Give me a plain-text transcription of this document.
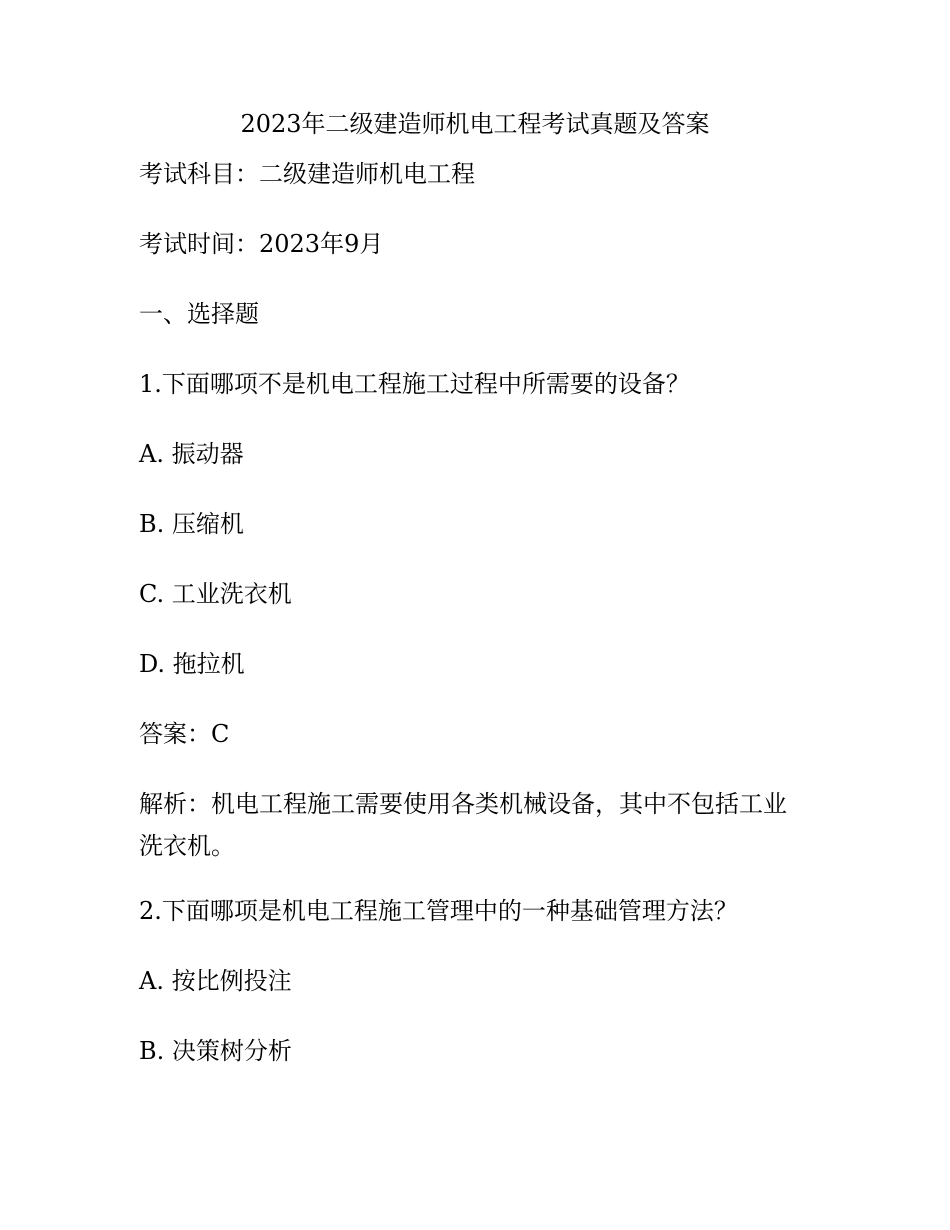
2023年二级建造师机电工程考试真题及答案
考试科目：二级建造师机电工程
考试时间：2023年9月
一、选择题
1.下面哪项不是机电工程施工过程中所需要的设备？
A. 振动器
B. 压缩机
C. 工业洗衣机
D. 拖拉机
答案：C
解析：机电工程施工需要使用各类机械设备，其中不包括工业
洗衣机。
2.下面哪项是机电工程施工管理中的一种基础管理方法？
A. 按比例投注
B. 决策树分析
